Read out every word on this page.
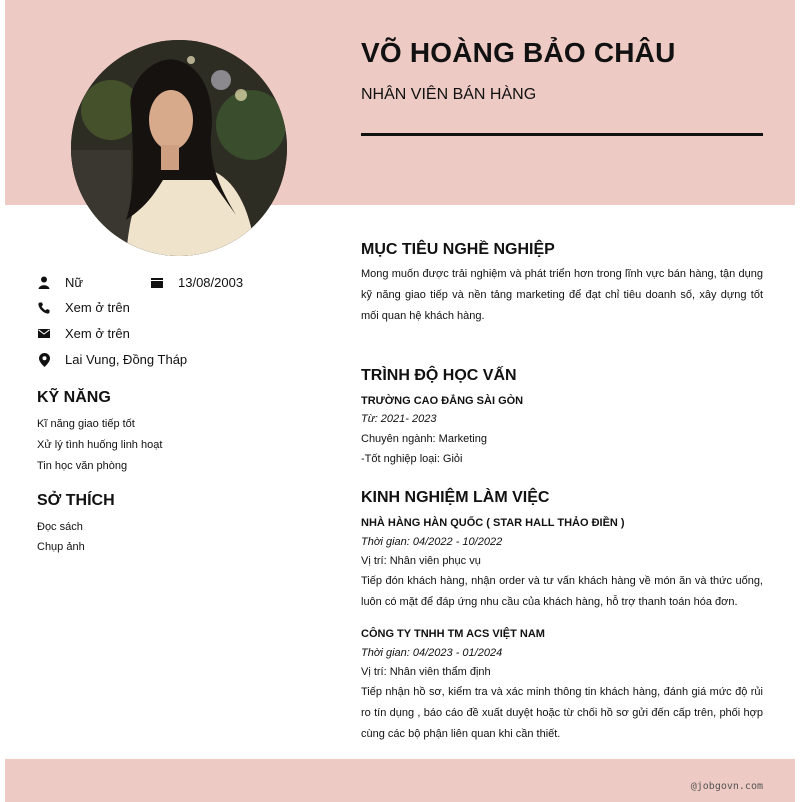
VÕ HOÀNG BẢO CHÂU
NHÂN VIÊN BÁN HÀNG
Nữ	13/08/2003
Xem ở trên
Xem ở trên
Lai Vung, Đồng Tháp
KỸ NĂNG
Kĩ năng giao tiếp tốt
Xử lý tình huống linh hoạt
Tin học văn phòng
SỞ THÍCH
Đọc sách
Chụp ảnh
MỤC TIÊU NGHỀ NGHIỆP
Mong muốn được trải nghiệm và phát triển hơn trong lĩnh vực bán hàng, tận dụng kỹ năng giao tiếp và nền tảng marketing để đạt chỉ tiêu doanh số, xây dựng tốt mối quan hệ khách hàng.
TRÌNH ĐỘ HỌC VẤN
TRƯỜNG CAO ĐẲNG SÀI GÒN
Từ: 2021- 2023
Chuyên ngành: Marketing
-Tốt nghiệp loại: Giỏi
KINH NGHIỆM LÀM VIỆC
NHÀ HÀNG HÀN QUỐC ( STAR HALL THẢO ĐIỀN )
Thời gian: 04/2022 - 10/2022
Vị trí: Nhân viên phục vụ
Tiếp đón khách hàng, nhận order và tư vấn khách hàng về món ăn và thức uống, luôn có mặt để đáp ứng nhu cầu của khách hàng, hỗ trợ thanh toán hóa đơn.
CÔNG TY TNHH TM ACS VIỆT NAM
Thời gian: 04/2023 - 01/2024
Vị trí: Nhân viên thẩm định
Tiếp nhận hồ sơ, kiểm tra và xác minh thông tin khách hàng, đánh giá mức độ rủi ro tín dụng , báo cáo đề xuất duyệt hoặc từ chối hồ sơ gửi đến cấp trên, phối hợp cùng các bộ phận liên quan khi cần thiết.
@jobgovn.com
